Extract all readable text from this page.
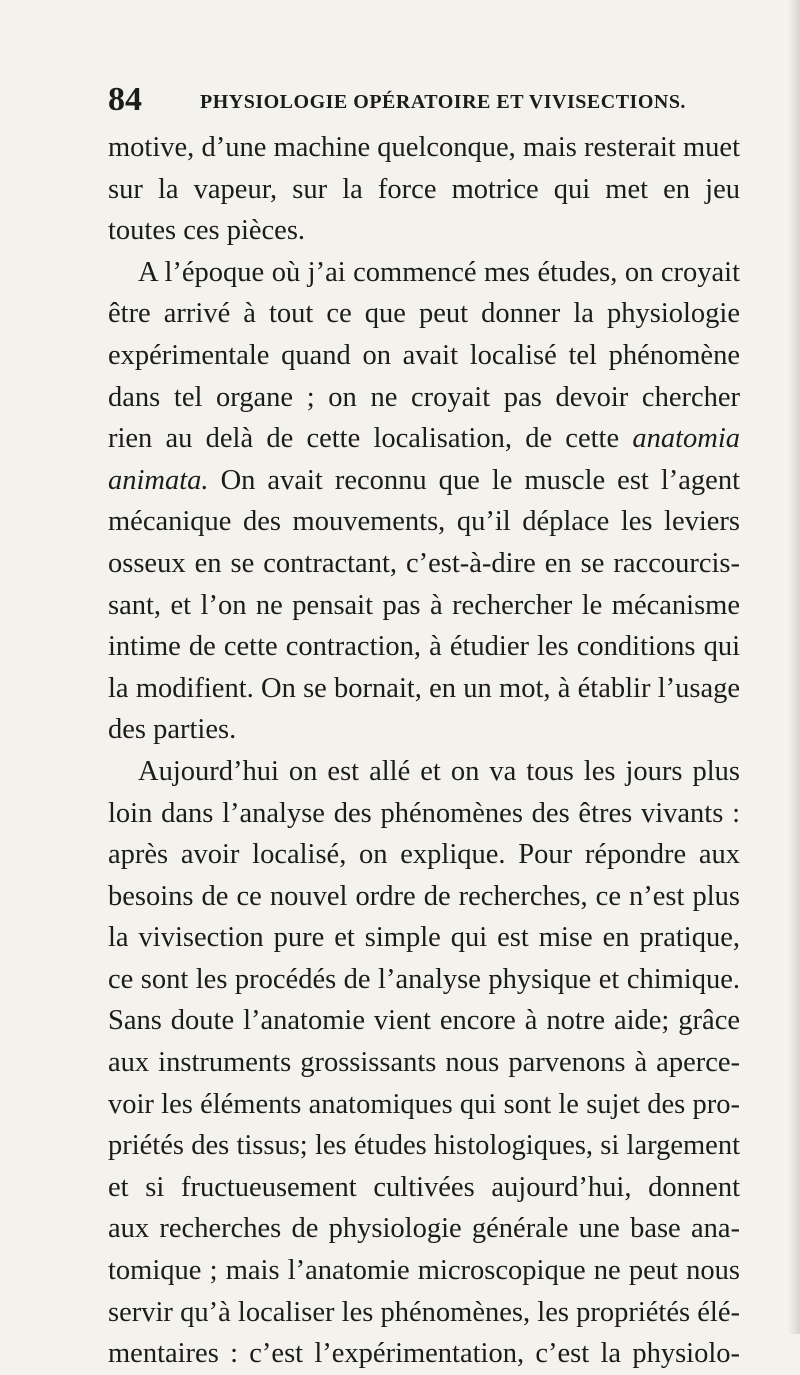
84	PHYSIOLOGIE OPÉRATOIRE ET VIVISECTIONS.
motive, d’une machine quelconque, mais resterait muet
sur la vapeur, sur la force motrice qui met en jeu
toutes ces pièces.
A l’époque où j’ai commencé mes études, on croyait
être arrivé à tout ce que peut donner la physiologie
expérimentale quand on avait localisé tel phénomène
dans tel organe ; on ne croyait pas devoir chercher
rien au delà de cette localisation, de cette anatomia
animata. On avait reconnu que le muscle est l’agent
mécanique des mouvements, qu’il déplace les leviers
osseux en se contractant, c’est-à-dire en se raccourcis-
sant, et l’on ne pensait pas à rechercher le mécanisme
intime de cette contraction, à étudier les conditions qui
la modifient. On se bornait, en un mot, à établir l’usage
des parties.
Aujourd’hui on est allé et on va tous les jours plus
loin dans l’analyse des phénomènes des êtres vivants :
après avoir localisé, on explique. Pour répondre aux
besoins de ce nouvel ordre de recherches, ce n’est plus
la vivisection pure et simple qui est mise en pratique,
ce sont les procédés de l’analyse physique et chimique.
Sans doute l’anatomie vient encore à notre aide; grâce
aux instruments grossissants nous parvenons à aperce-
voir les éléments anatomiques qui sont le sujet des pro-
priétés des tissus; les études histologiques, si largement
et si fructueusement cultivées aujourd’hui, donnent
aux recherches de physiologie générale une base ana-
tomique ; mais l’anatomie microscopique ne peut nous
servir qu’à localiser les phénomènes, les propriétés élé-
mentaires : c’est l’expérimentation, c’est la physiolo-
